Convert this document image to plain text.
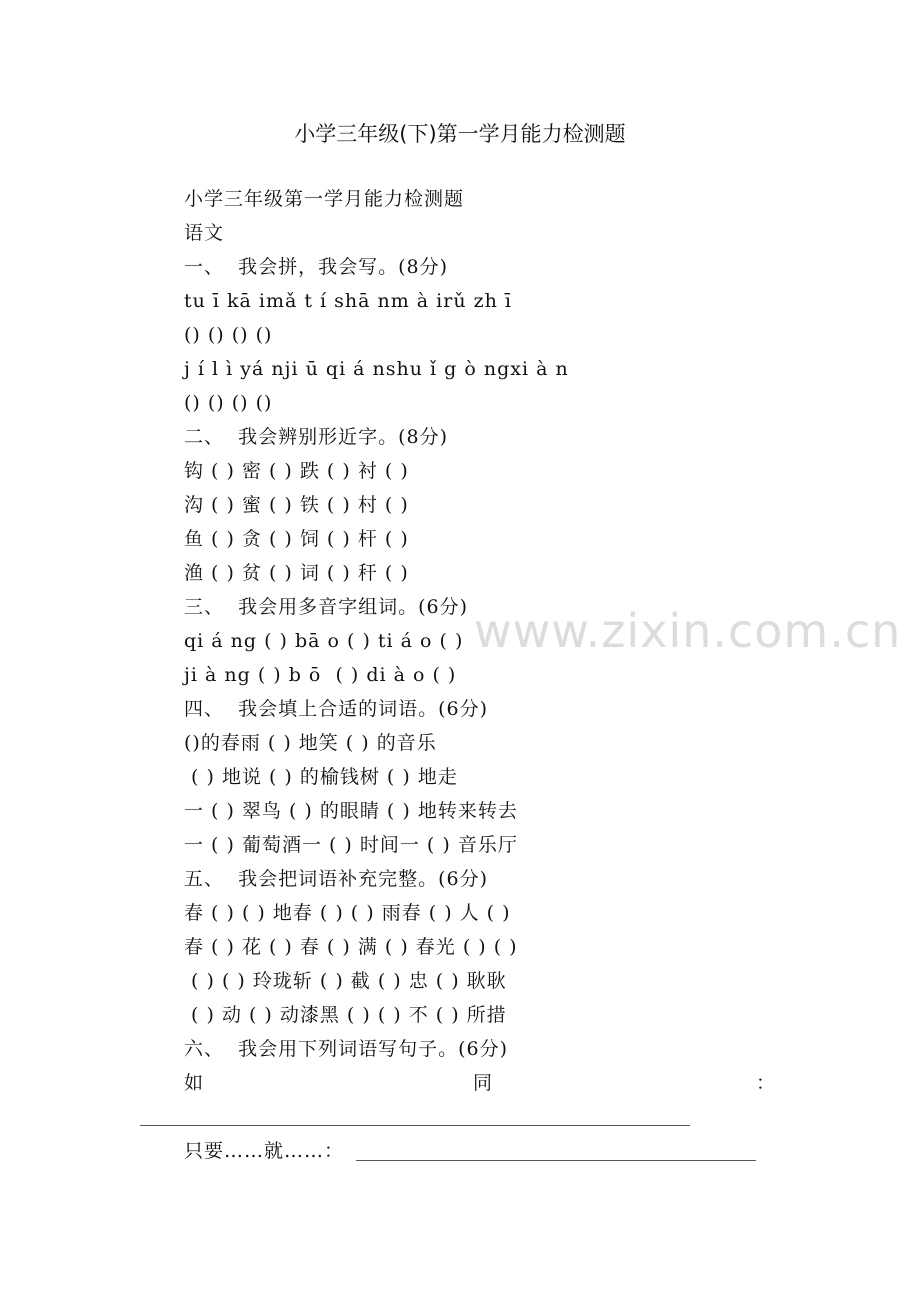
小学三年级(下)第一学月能力检测题
小学三年级第一学月能力检测题
语文
一、  我会拼，我会写。(8分)
tu ī kā imǎ t í shā nm à irǔ zh ī
() () () ()
j í l ì yá nji ū qi á nshu ǐ g ò ngxi à n
() () () ()
二、  我会辨别形近字。(8分)
钩 ( ) 密 ( ) 跌 ( ) 衬 ( )
沟 ( ) 蜜 ( ) 铁 ( ) 村 ( )
鱼 ( ) 贪 ( ) 饲 ( ) 杆 ( )
渔 ( ) 贫 ( ) 词 ( ) 秆 ( )
三、  我会用多音字组词。(6分)
qi á ng ( ) bā o ( ) ti á o ( )
ji à ng ( ) b ō  ( ) di à o ( )
四、  我会填上合适的词语。(6分)
()的春雨 ( ) 地笑 ( ) 的音乐
( ) 地说 ( ) 的榆钱树 ( ) 地走
一 ( ) 翠鸟 ( ) 的眼睛 ( ) 地转来转去
一 ( ) 葡萄酒一 ( ) 时间一 ( ) 音乐厅
五、  我会把词语补充完整。(6分)
春 ( ) ( ) 地春 ( ) ( ) 雨春 ( ) 人 ( )
春 ( ) 花 ( ) 春 ( ) 满 ( ) 春光 ( ) ( )
( ) ( ) 玲珑斩 ( ) 截 ( ) 忠 ( ) 耿耿
( ) 动 ( ) 动漆黑 ( ) ( ) 不 ( ) 所措
六、  我会用下列词语写句子。(6分)
如	同	：
只要……就……：
www.zixin.com.cn
